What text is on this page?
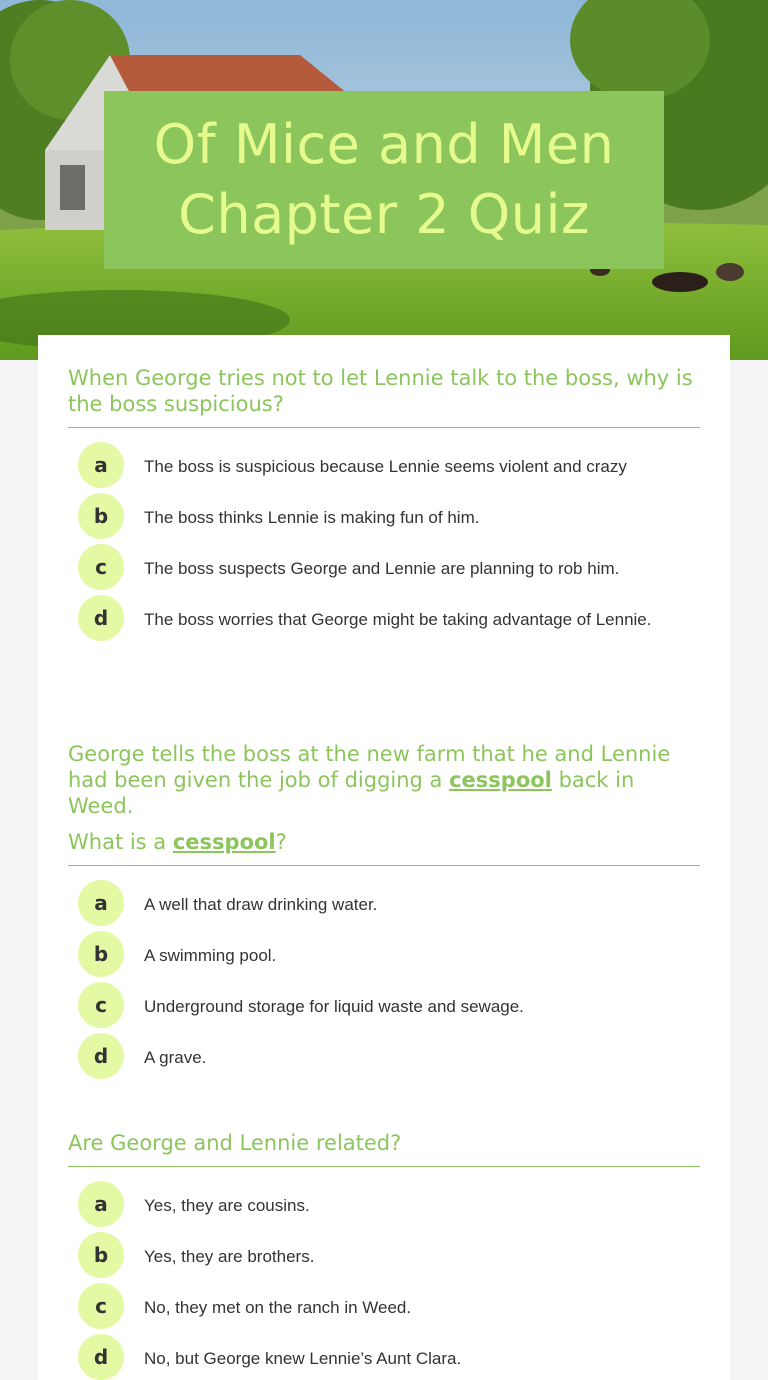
Of Mice and Men
Chapter 2 Quiz
When George tries not to let Lennie talk to the boss, why is the boss suspicious?
a	The boss is suspicious because Lennie seems violent and crazy
b	The boss thinks Lennie is making fun of him.
c	The boss suspects George and Lennie are planning to rob him.
d	The boss worries that George might be taking advantage of Lennie.
George tells the boss at the new farm that he and Lennie had been given the job of digging a cesspool back in Weed.
What is a cesspool?
a	A well that draw drinking water.
b	A swimming pool.
c	Underground storage for liquid waste and sewage.
d	A grave.
Are George and Lennie related?
a	Yes, they are cousins.
b	Yes, they are brothers.
c	No, they met on the ranch in Weed.
d	No, but George knew Lennie’s Aunt Clara.
